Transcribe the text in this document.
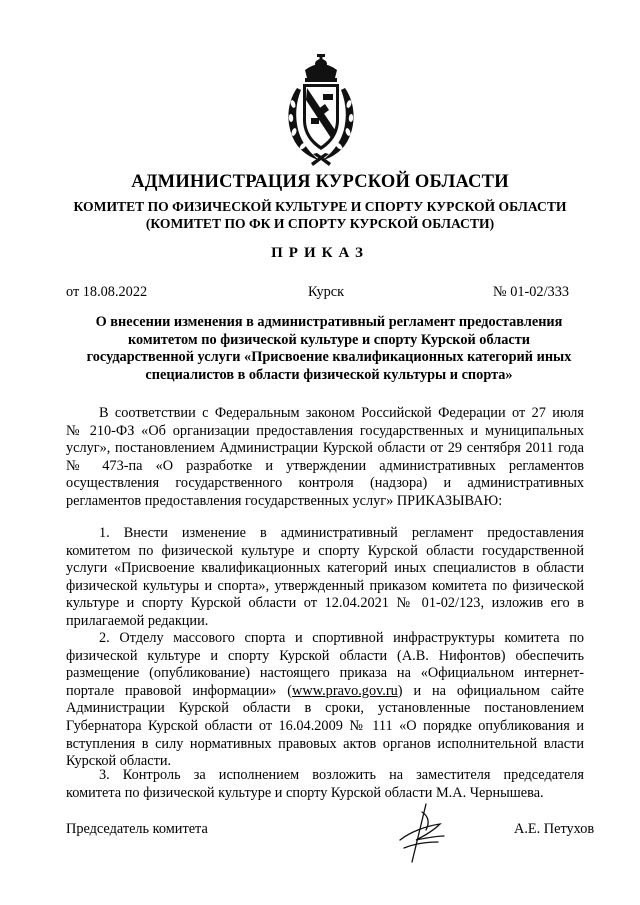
АДМИНИСТРАЦИЯ КУРСКОЙ ОБЛАСТИ
КОМИТЕТ ПО ФИЗИЧЕСКОЙ КУЛЬТУРЕ И СПОРТУ КУРСКОЙ ОБЛАСТИ
(КОМИТЕТ ПО ФК И СПОРТУ КУРСКОЙ ОБЛАСТИ)
ПРИКАЗ
от 18.08.2022	Курск	№ 01-02/333
О внесении изменения в административный регламент предоставления
комитетом по физической культуре и спорту Курской области
государственной услуги «Присвоение квалификационных категорий иных
специалистов в области физической культуры и спорта»
В соответствии с Федеральным законом Российской Федерации от 27 июля
№ 210-ФЗ «Об организации предоставления государственных и муниципальных
услуг», постановлением Администрации Курской области от 29 сентября 2011 года
№ 473-па «О разработке и утверждении административных регламентов
осуществления государственного контроля (надзора) и административных
регламентов предоставления государственных услуг» ПРИКАЗЫВАЮ:
1. Внести изменение в административный регламент предоставления
комитетом по физической культуре и спорту Курской области государственной
услуги «Присвоение квалификационных категорий иных специалистов в области
физической культуры и спорта», утвержденный приказом комитета по физической
культуре и спорту Курской области от 12.04.2021 № 01-02/123, изложив его в
прилагаемой редакции.
2. Отделу массового спорта и спортивной инфраструктуры комитета по
физической культуре и спорту Курской области (А.В. Нифонтов) обеспечить
размещение (опубликование) настоящего приказа на «Официальном интернет-
портале правовой информации» (www.pravo.gov.ru) и на официальном сайте
Администрации Курской области в сроки, установленные постановлением
Губернатора Курской области от 16.04.2009 № 111 «О порядке опубликования и
вступления в силу нормативных правовых актов органов исполнительной власти
Курской области.
3. Контроль за исполнением возложить на заместителя председателя
комитета по физической культуре и спорту Курской области М.А. Чернышева.
Председатель комитета	А.Е. Петухов
